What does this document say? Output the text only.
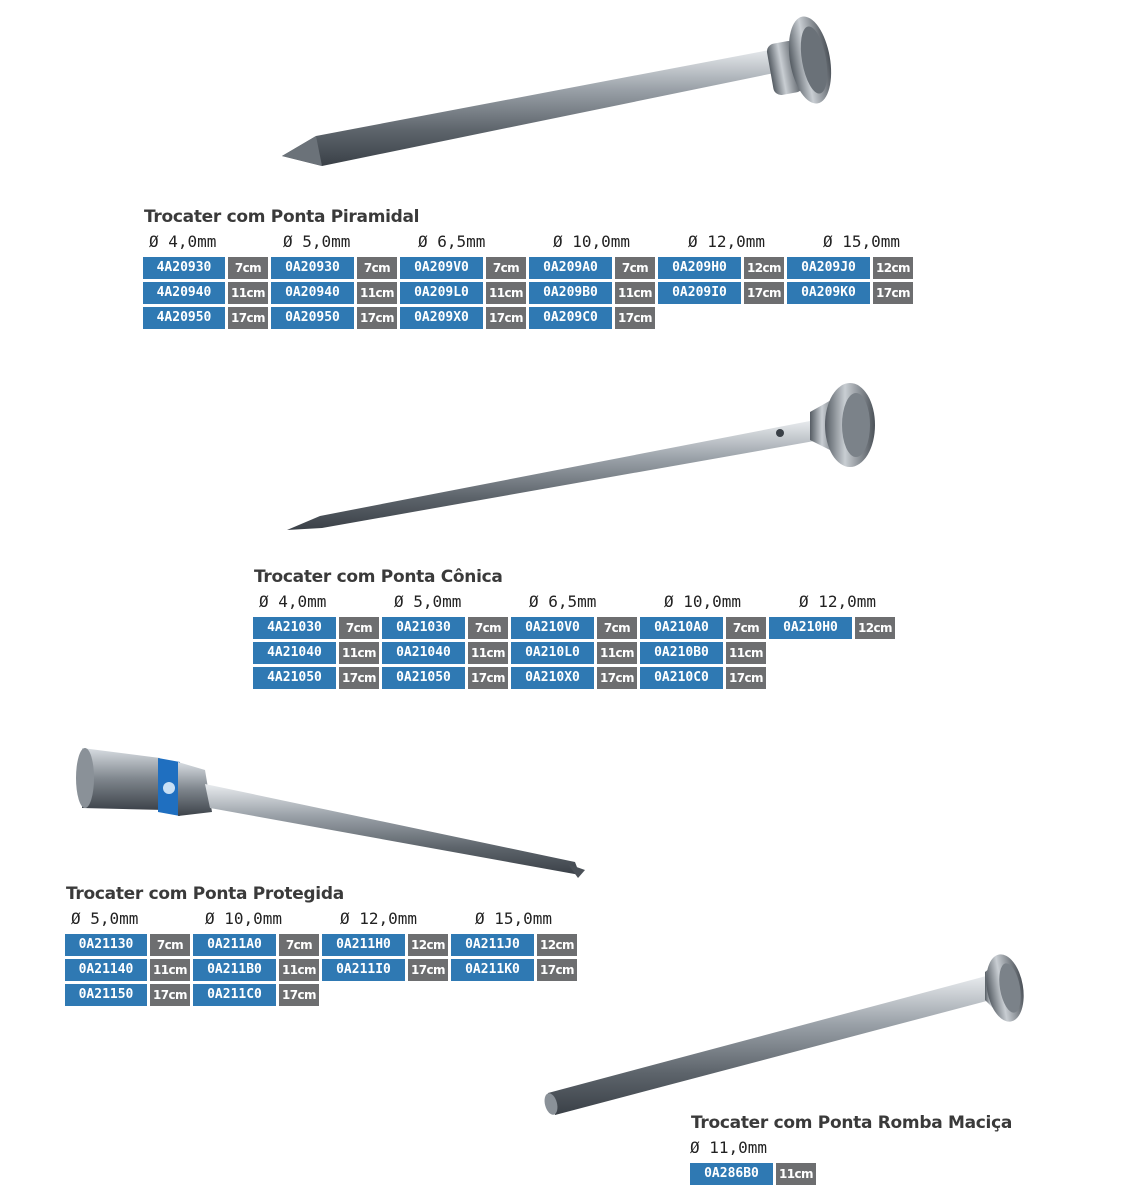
Trocater com Ponta Piramidal
Ø 4,0mm	Ø 5,0mm	Ø 6,5mm	Ø 10,0mm	Ø 12,0mm	Ø 15,0mm
4A20930	7cm	0A20930	7cm	0A209V0	7cm	0A209A0	7cm	0A209H0	12cm	0A209J0	12cm
4A20940	11cm	0A20940	11cm	0A209L0	11cm	0A209B0	11cm	0A209I0	17cm	0A209K0	17cm
4A20950	17cm	0A20950	17cm	0A209X0	17cm	0A209C0	17cm
Trocater com Ponta Cônica
Ø 4,0mm	Ø 5,0mm	Ø 6,5mm	Ø 10,0mm	Ø 12,0mm
4A21030	7cm	0A21030	7cm	0A210V0	7cm	0A210A0	7cm	0A210H0	12cm
4A21040	11cm	0A21040	11cm	0A210L0	11cm	0A210B0	11cm
4A21050	17cm	0A21050	17cm	0A210X0	17cm	0A210C0	17cm
Trocater com Ponta Protegida
Ø 5,0mm	Ø 10,0mm	Ø 12,0mm	Ø 15,0mm
0A21130	7cm	0A211A0	7cm	0A211H0	12cm	0A211J0	12cm
0A21140	11cm	0A211B0	11cm	0A211I0	17cm	0A211K0	17cm
0A21150	17cm	0A211C0	17cm
Trocater com Ponta Romba Maciça
Ø 11,0mm
0A286B0	11cm
